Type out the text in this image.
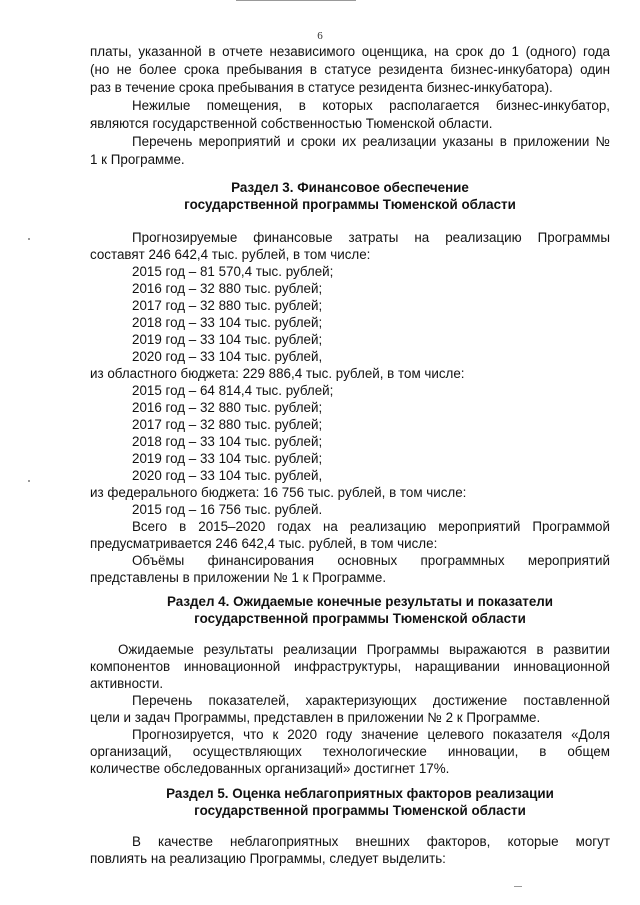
6
платы, указанной в отчете независимого оценщика, на срок до 1 (одного) года
(но не более срока пребывания в статусе резидента бизнес-инкубатора) один
раз в течение срока пребывания в статусе резидента бизнес-инкубатора).
Нежилые помещения, в которых располагается бизнес-инкубатор,
являются государственной собственностью Тюменской области.
Перечень мероприятий и сроки их реализации указаны в приложении №
1 к Программе.
Раздел 3. Финансовое обеспечение
государственной программы Тюменской области
Прогнозируемые финансовые затраты на реализацию Программы
составят 246 642,4 тыс. рублей, в том числе:
2015 год – 81 570,4 тыс. рублей;
2016 год – 32 880 тыс. рублей;
2017 год – 32 880 тыс. рублей;
2018 год – 33 104 тыс. рублей;
2019 год – 33 104 тыс. рублей;
2020 год – 33 104 тыс. рублей,
из областного бюджета: 229 886,4 тыс. рублей, в том числе:
2015 год – 64 814,4 тыс. рублей;
2016 год – 32 880 тыс. рублей;
2017 год – 32 880 тыс. рублей;
2018 год – 33 104 тыс. рублей;
2019 год – 33 104 тыс. рублей;
2020 год – 33 104 тыс. рублей,
из федерального бюджета: 16 756 тыс. рублей, в том числе:
2015 год – 16 756 тыс. рублей.
Всего в 2015–2020 годах на реализацию мероприятий Программой
предусматривается 246 642,4 тыс. рублей, в том числе:
Объёмы финансирования основных программных мероприятий
представлены в приложении № 1 к Программе.
Раздел 4. Ожидаемые конечные результаты и показатели
государственной программы Тюменской области
Ожидаемые результаты реализации Программы выражаются в развитии
компонентов инновационной инфраструктуры, наращивании инновационной
активности.
Перечень показателей, характеризующих достижение поставленной
цели и задач Программы, представлен в приложении № 2 к Программе.
Прогнозируется, что к 2020 году значение целевого показателя «Доля
организаций, осуществляющих технологические инновации, в общем
количестве обследованных организаций» достигнет 17%.
Раздел 5. Оценка неблагоприятных факторов реализации
государственной программы Тюменской области
В качестве неблагоприятных внешних факторов, которые могут
повлиять на реализацию Программы, следует выделить:
